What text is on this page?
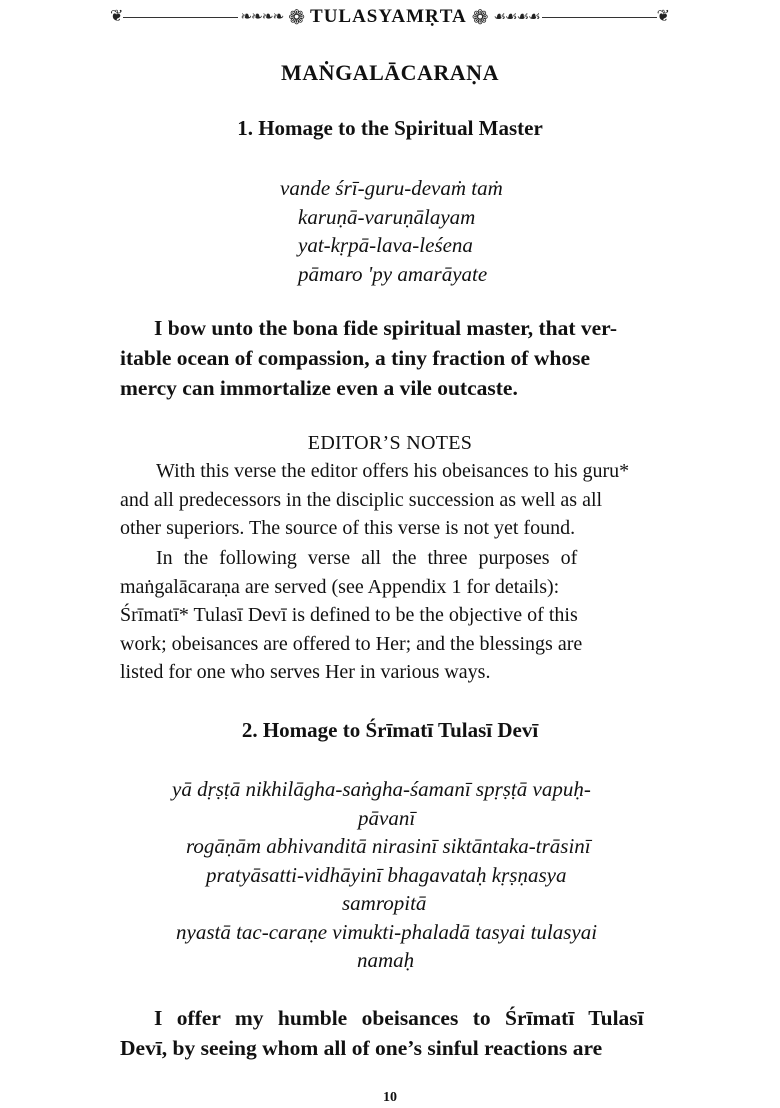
❦	❧❧❧❧ ❁ TULASYAMṚTA ❁ ☙☙☙☙	❦
MAṄGALĀCARAṆA
1. Homage to the Spiritual Master
vande śrī-guru-devaṁ taṁ
karuṇā-varuṇālayam
yat-kṛpā-lava-leśena
pāmaro 'py amarāyate
I bow unto the bona fide spiritual master, that ver-
itable ocean of compassion, a tiny fraction of whose
mercy can immortalize even a vile outcaste.
EDITOR’S NOTES
With this verse the editor offers his obeisances to his guru*
and all predecessors in the disciplic succession as well as all
other superiors. The source of this verse is not yet found.
In the following verse all the three purposes of
maṅgalācaraṇa are served (see Appendix 1 for details):
Śrīmatī* Tulasī Devī is defined to be the objective of this
work; obeisances are offered to Her; and the blessings are
listed for one who serves Her in various ways.
2. Homage to Śrīmatī Tulasī Devī
yā dṛṣṭā nikhilāgha-saṅgha-śamanī spṛṣṭā vapuḥ-
pāvanī
rogāṇām abhivanditā nirasinī siktāntaka-trāsinī
pratyāsatti-vidhāyinī bhagavataḥ kṛṣṇasya
samropitā
nyastā tac-caraṇe vimukti-phaladā tasyai tulasyai
namaḥ
I offer my humble obeisances to Śrīmatī Tulasī
Devī, by seeing whom all of one’s sinful reactions are
10
